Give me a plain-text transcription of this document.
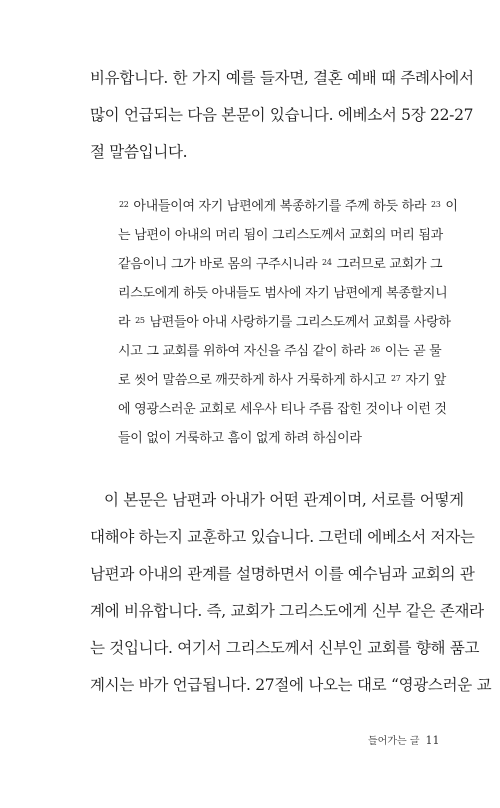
비유합니다. 한 가지 예를 들자면, 결혼 예배 때 주례사에서

많이 언급되는 다음 본문이 있습니다. 에베소서 5장 22-27

절 말씀입니다.

$^{22}$ 아내들이여 자기 남편에게 복종하기를 주께 하듯 하라 $^{23}$ 이

는 남편이 아내의 머리 됨이 그리스도께서 교회의 머리 됨과

같음이니 그가 바로 몸의 구주시니라 $^{24}$ 그러므로 교회가 그

리스도에게 하듯 아내들도 범사에 자기 남편에게 복종할지니

라 $^{25}$ 남편들아 아내 사랑하기를 그리스도께서 교회를 사랑하

시고 그 교회를 위하여 자신을 주심 같이 하라 $^{26}$ 이는 곧 물

로 씻어 말씀으로 깨끗하게 하사 거룩하게 하시고 $^{27}$ 자기 앞

에 영광스러운 교회로 세우사 티나 주름 잡힌 것이나 이런 것

들이 없이 거룩하고 흠이 없게 하려 하심이라

이 본문은 남편과 아내가 어떤 관계이며, 서로를 어떻게

대해야 하는지 교훈하고 있습니다. 그런데 에베소서 저자는

남편과 아내의 관계를 설명하면서 이를 예수님과 교회의 관

계에 비유합니다. 즉, 교회가 그리스도에게 신부 같은 존재라

는 것입니다. 여기서 그리스도께서 신부인 교회를 향해 품고

계시는 바가 언급됩니다. 27절에 나오는 대로 “영광스러운 교

들어가는 글 11
